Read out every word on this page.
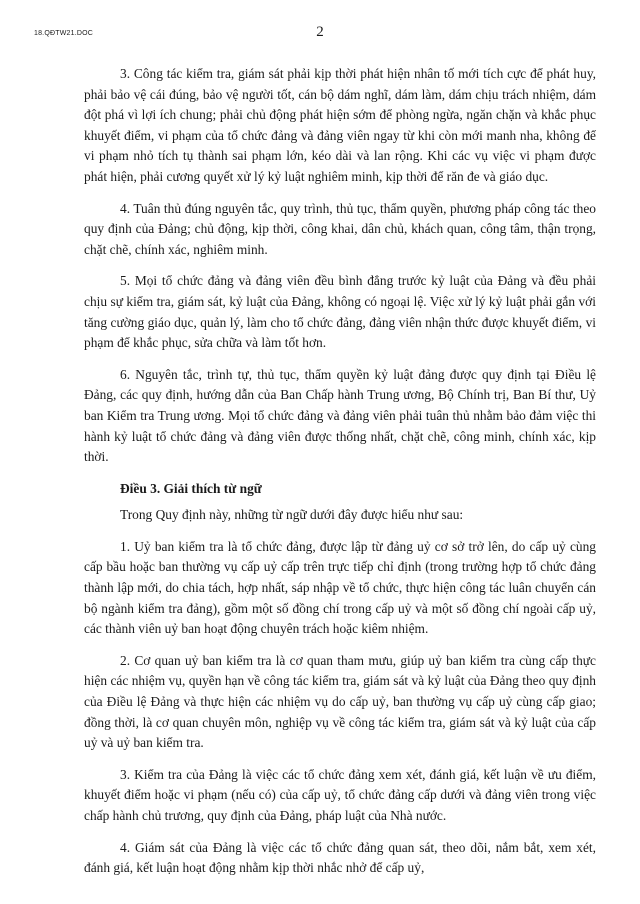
18.QĐTW21.DOC	2

3. Công tác kiểm tra, giám sát phải kịp thời phát hiện nhân tố mới tích cực để phát huy, phải bảo vệ cái đúng, bảo vệ người tốt, cán bộ dám nghĩ, dám làm, dám chịu trách nhiệm, dám đột phá vì lợi ích chung; phải chủ động phát hiện sớm để phòng ngừa, ngăn chặn và khắc phục khuyết điểm, vi phạm của tổ chức đảng và đảng viên ngay từ khi còn mới manh nha, không để vi phạm nhỏ tích tụ thành sai phạm lớn, kéo dài và lan rộng. Khi các vụ việc vi phạm được phát hiện, phải cương quyết xử lý kỷ luật nghiêm minh, kịp thời để răn đe và giáo dục.

4. Tuân thủ đúng nguyên tắc, quy trình, thủ tục, thẩm quyền, phương pháp công tác theo quy định của Đảng; chủ động, kịp thời, công khai, dân chủ, khách quan, công tâm, thận trọng, chặt chẽ, chính xác, nghiêm minh.

5. Mọi tổ chức đảng và đảng viên đều bình đẳng trước kỷ luật của Đảng và đều phải chịu sự kiểm tra, giám sát, kỷ luật của Đảng, không có ngoại lệ. Việc xử lý kỷ luật phải gắn với tăng cường giáo dục, quản lý, làm cho tổ chức đảng, đảng viên nhận thức được khuyết điểm, vi phạm để khắc phục, sửa chữa và làm tốt hơn.

6. Nguyên tắc, trình tự, thủ tục, thẩm quyền kỷ luật đảng được quy định tại Điều lệ Đảng, các quy định, hướng dẫn của Ban Chấp hành Trung ương, Bộ Chính trị, Ban Bí thư, Uỷ ban Kiểm tra Trung ương. Mọi tổ chức đảng và đảng viên phải tuân thủ nhằm bảo đảm việc thi hành kỷ luật tổ chức đảng và đảng viên được thống nhất, chặt chẽ, công minh, chính xác, kịp thời.

Điều 3. Giải thích từ ngữ

Trong Quy định này, những từ ngữ dưới đây được hiểu như sau:

1. Uỷ ban kiểm tra là tổ chức đảng, được lập từ đảng uỷ cơ sở trở lên, do cấp uỷ cùng cấp bầu hoặc ban thường vụ cấp uỷ cấp trên trực tiếp chỉ định (trong trường hợp tổ chức đảng thành lập mới, do chia tách, hợp nhất, sáp nhập về tổ chức, thực hiện công tác luân chuyển cán bộ ngành kiểm tra đảng), gồm một số đồng chí trong cấp uỷ và một số đồng chí ngoài cấp uỷ, các thành viên uỷ ban hoạt động chuyên trách hoặc kiêm nhiệm.

2. Cơ quan uỷ ban kiểm tra là cơ quan tham mưu, giúp uỷ ban kiểm tra cùng cấp thực hiện các nhiệm vụ, quyền hạn về công tác kiểm tra, giám sát và kỷ luật của Đảng theo quy định của Điều lệ Đảng và thực hiện các nhiệm vụ do cấp uỷ, ban thường vụ cấp uỷ cùng cấp giao; đồng thời, là cơ quan chuyên môn, nghiệp vụ về công tác kiểm tra, giám sát và kỷ luật của cấp uỷ và uỷ ban kiểm tra.

3. Kiểm tra của Đảng là việc các tổ chức đảng xem xét, đánh giá, kết luận về ưu điểm, khuyết điểm hoặc vi phạm (nếu có) của cấp uỷ, tổ chức đảng cấp dưới và đảng viên trong việc chấp hành chủ trương, quy định của Đảng, pháp luật của Nhà nước.

4. Giám sát của Đảng là việc các tổ chức đảng quan sát, theo dõi, nắm bắt, xem xét, đánh giá, kết luận hoạt động nhằm kịp thời nhắc nhở để cấp uỷ,
